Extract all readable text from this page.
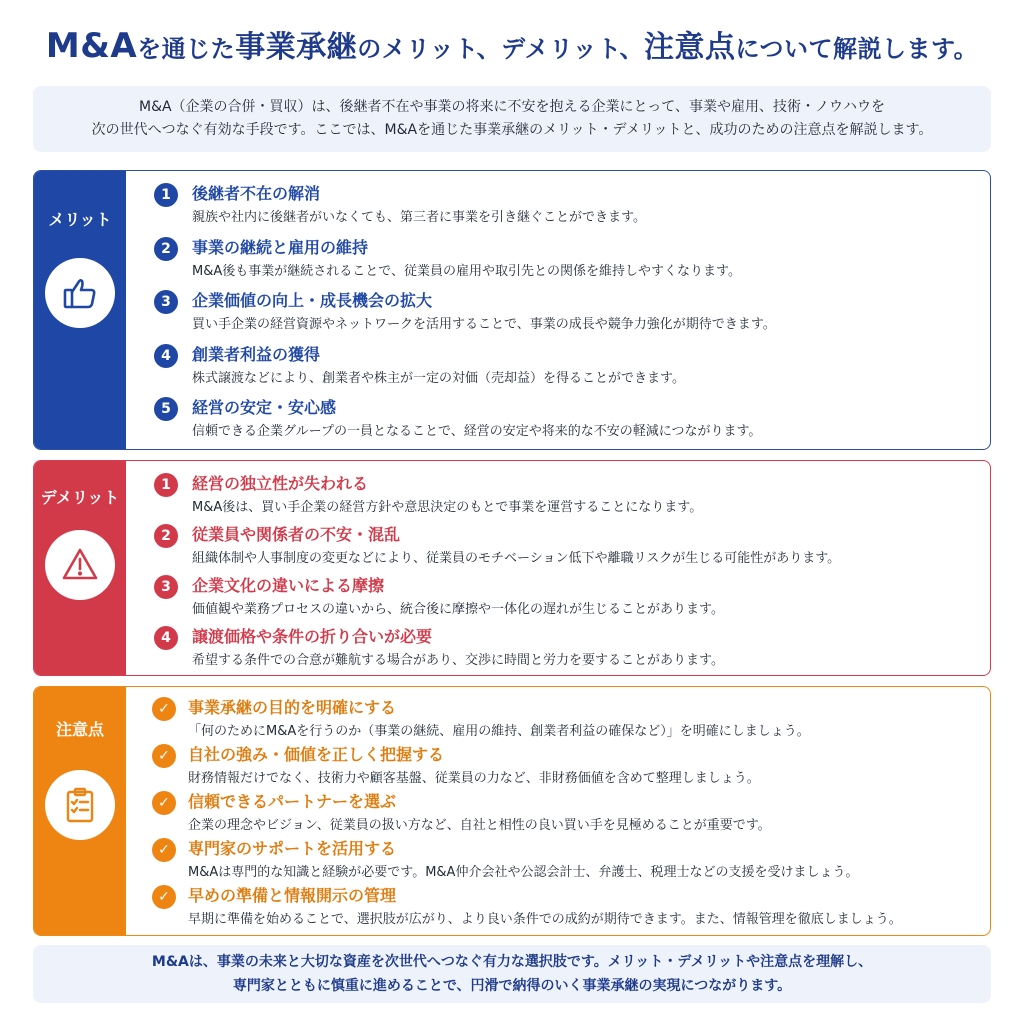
M&Aを通じた事業承継のメリット、デメリット、注意点について解説します。
M&A（企業の合併・買収）は、後継者不在や事業の将来に不安を抱える企業にとって、事業や雇用、技術・ノウハウを
次の世代へつなぐ有効な手段です。ここでは、M&Aを通じた事業承継のメリット・デメリットと、成功のための注意点を解説します。
メリット
1	後継者不在の解消
親族や社内に後継者がいなくても、第三者に事業を引き継ぐことができます。
2	事業の継続と雇用の維持
M&A後も事業が継続されることで、従業員の雇用や取引先との関係を維持しやすくなります。
3	企業価値の向上・成長機会の拡大
買い手企業の経営資源やネットワークを活用することで、事業の成長や競争力強化が期待できます。
4	創業者利益の獲得
株式譲渡などにより、創業者や株主が一定の対価（売却益）を得ることができます。
5	経営の安定・安心感
信頼できる企業グループの一員となることで、経営の安定や将来的な不安の軽減につながります。
デメリット
1	経営の独立性が失われる
M&A後は、買い手企業の経営方針や意思決定のもとで事業を運営することになります。
2	従業員や関係者の不安・混乱
組織体制や人事制度の変更などにより、従業員のモチベーション低下や離職リスクが生じる可能性があります。
3	企業文化の違いによる摩擦
価値観や業務プロセスの違いから、統合後に摩擦や一体化の遅れが生じることがあります。
4	譲渡価格や条件の折り合いが必要
希望する条件での合意が難航する場合があり、交渉に時間と労力を要することがあります。
注意点
✓	事業承継の目的を明確にする
「何のためにM&Aを行うのか（事業の継続、雇用の維持、創業者利益の確保など）」を明確にしましょう。
✓	自社の強み・価値を正しく把握する
財務情報だけでなく、技術力や顧客基盤、従業員の力など、非財務価値を含めて整理しましょう。
✓	信頼できるパートナーを選ぶ
企業の理念やビジョン、従業員の扱い方など、自社と相性の良い買い手を見極めることが重要です。
✓	専門家のサポートを活用する
M&Aは専門的な知識と経験が必要です。M&A仲介会社や公認会計士、弁護士、税理士などの支援を受けましょう。
✓	早めの準備と情報開示の管理
早期に準備を始めることで、選択肢が広がり、より良い条件での成約が期待できます。また、情報管理を徹底しましょう。
M&Aは、事業の未来と大切な資産を次世代へつなぐ有力な選択肢です。メリット・デメリットや注意点を理解し、
専門家とともに慎重に進めることで、円滑で納得のいく事業承継の実現につながります。
